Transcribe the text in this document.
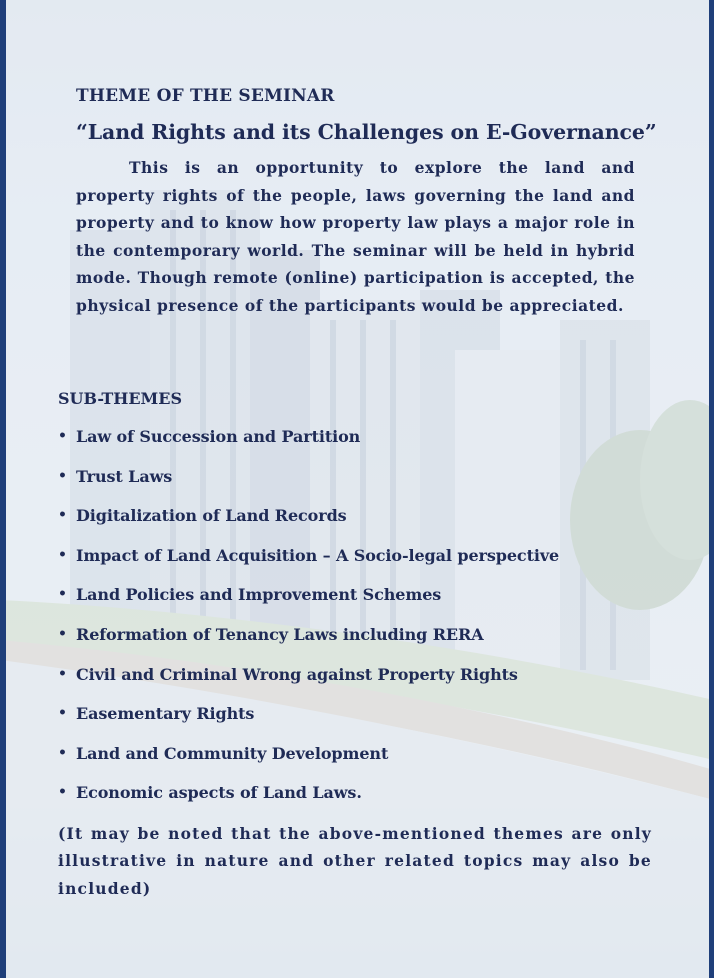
THEME OF THE SEMINAR
“Land Rights and its Challenges on E-Governance”

This is an opportunity to explore the land and property rights of the people, laws governing the land and property and to know how property law plays a major role in the contemporary world. The seminar will be held in hybrid mode. Though remote (online) participation is accepted, the physical presence of the participants would be appreciated.

SUB-THEMES
• Law of Succession and Partition
• Trust Laws
• Digitalization of Land Records
• Impact of Land Acquisition – A Socio-legal perspective
• Land Policies and Improvement Schemes
• Reformation of Tenancy Laws including RERA
• Civil and Criminal Wrong against Property Rights
• Easementary Rights
• Land and Community Development
• Economic aspects of Land Laws.

(It may be noted that the above-mentioned themes are only illustrative in nature and other related topics may also be included)
